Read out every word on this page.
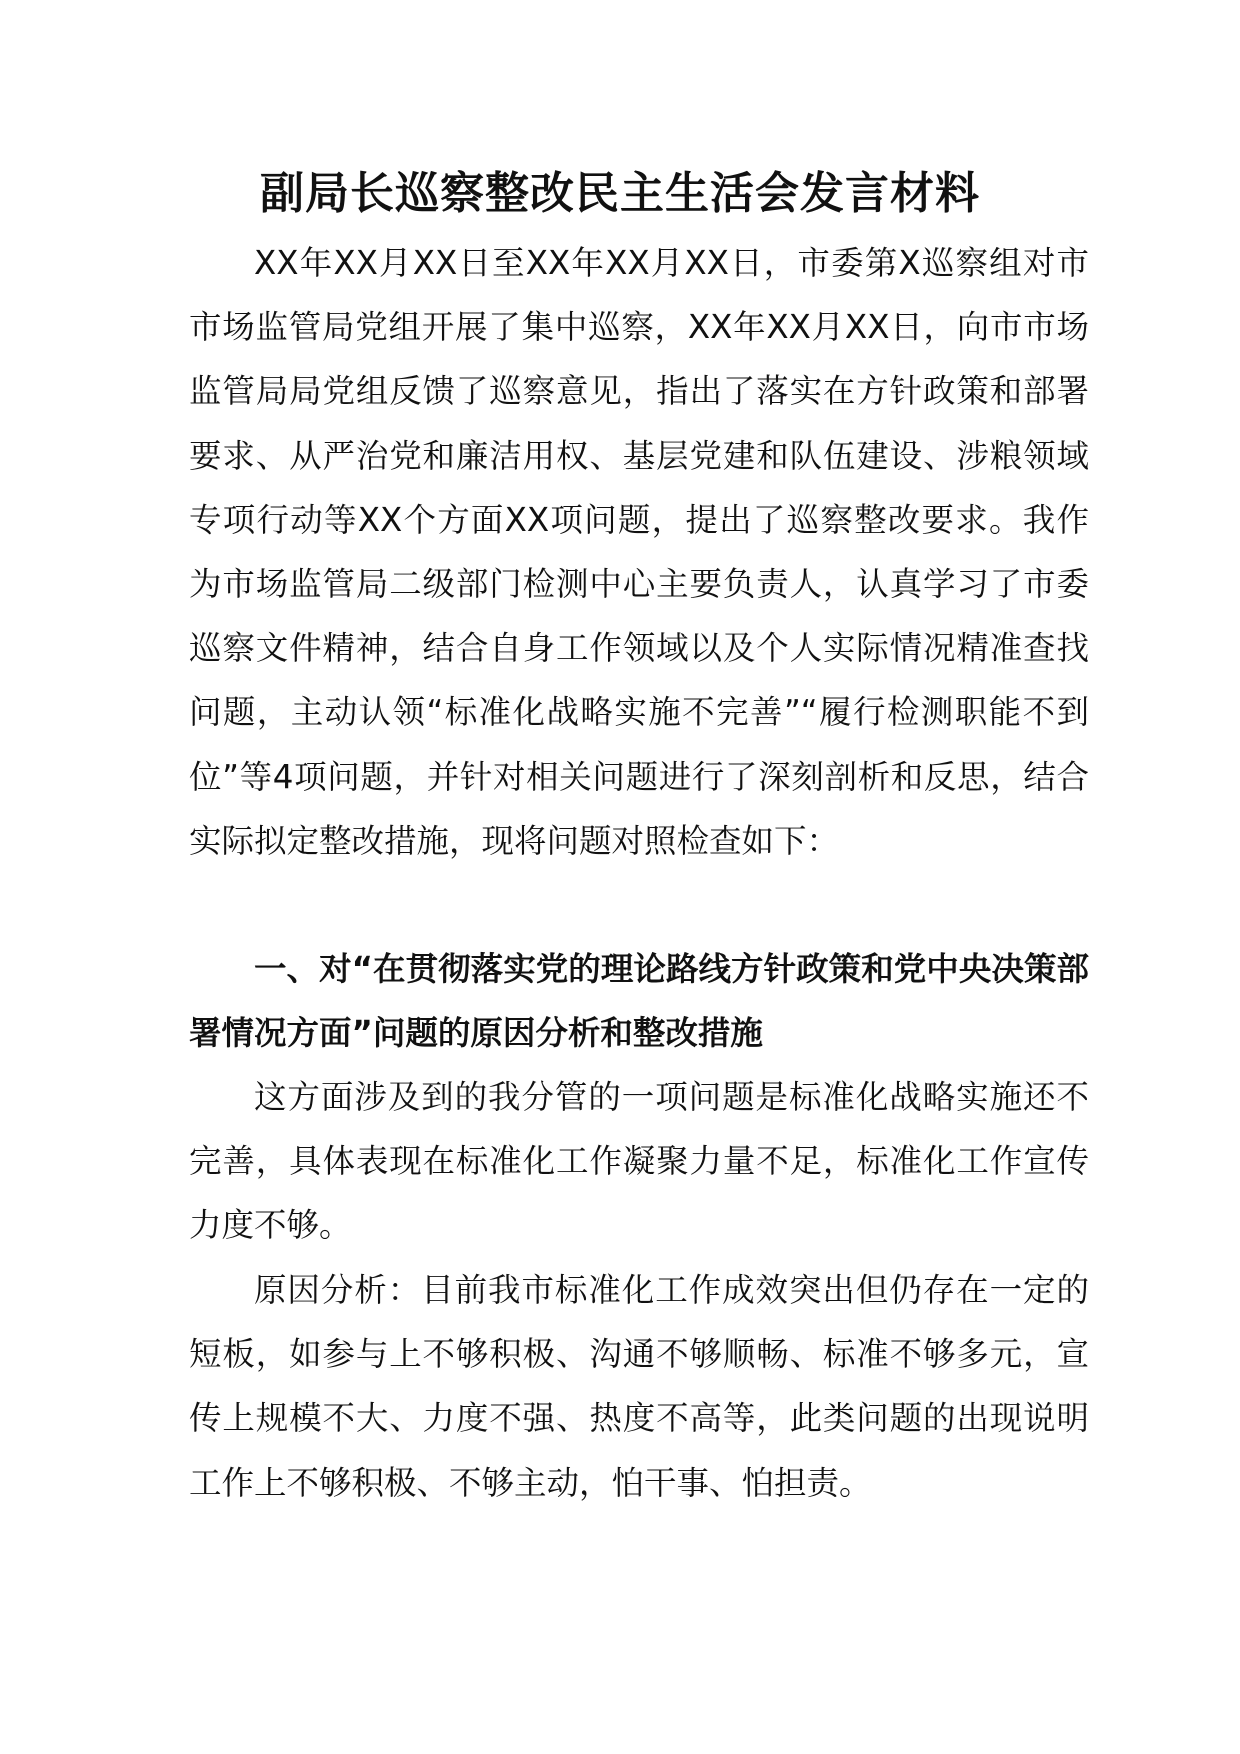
副局长巡察整改民主生活会发言材料

XX年XX月XX日至XX年XX月XX日，市委第X巡察组对市市场监管局党组开展了集中巡察，XX年XX月XX日，向市市场监管局局党组反馈了巡察意见，指出了落实在方针政策和部署要求、从严治党和廉洁用权、基层党建和队伍建设、涉粮领域专项行动等XX个方面XX项问题，提出了巡察整改要求。我作为市场监管局二级部门检测中心主要负责人，认真学习了市委巡察文件精神，结合自身工作领域以及个人实际情况精准查找问题，主动认领“标准化战略实施不完善”“履行检测职能不到位”等4项问题，并针对相关问题进行了深刻剖析和反思，结合实际拟定整改措施，现将问题对照检查如下：

一、对“在贯彻落实党的理论路线方针政策和党中央决策部署情况方面”问题的原因分析和整改措施

这方面涉及到的我分管的一项问题是标准化战略实施还不完善，具体表现在标准化工作凝聚力量不足，标准化工作宣传力度不够。

原因分析：目前我市标准化工作成效突出但仍存在一定的短板，如参与上不够积极、沟通不够顺畅、标准不够多元，宣传上规模不大、力度不强、热度不高等，此类问题的出现说明工作上不够积极、不够主动，怕干事、怕担责。
